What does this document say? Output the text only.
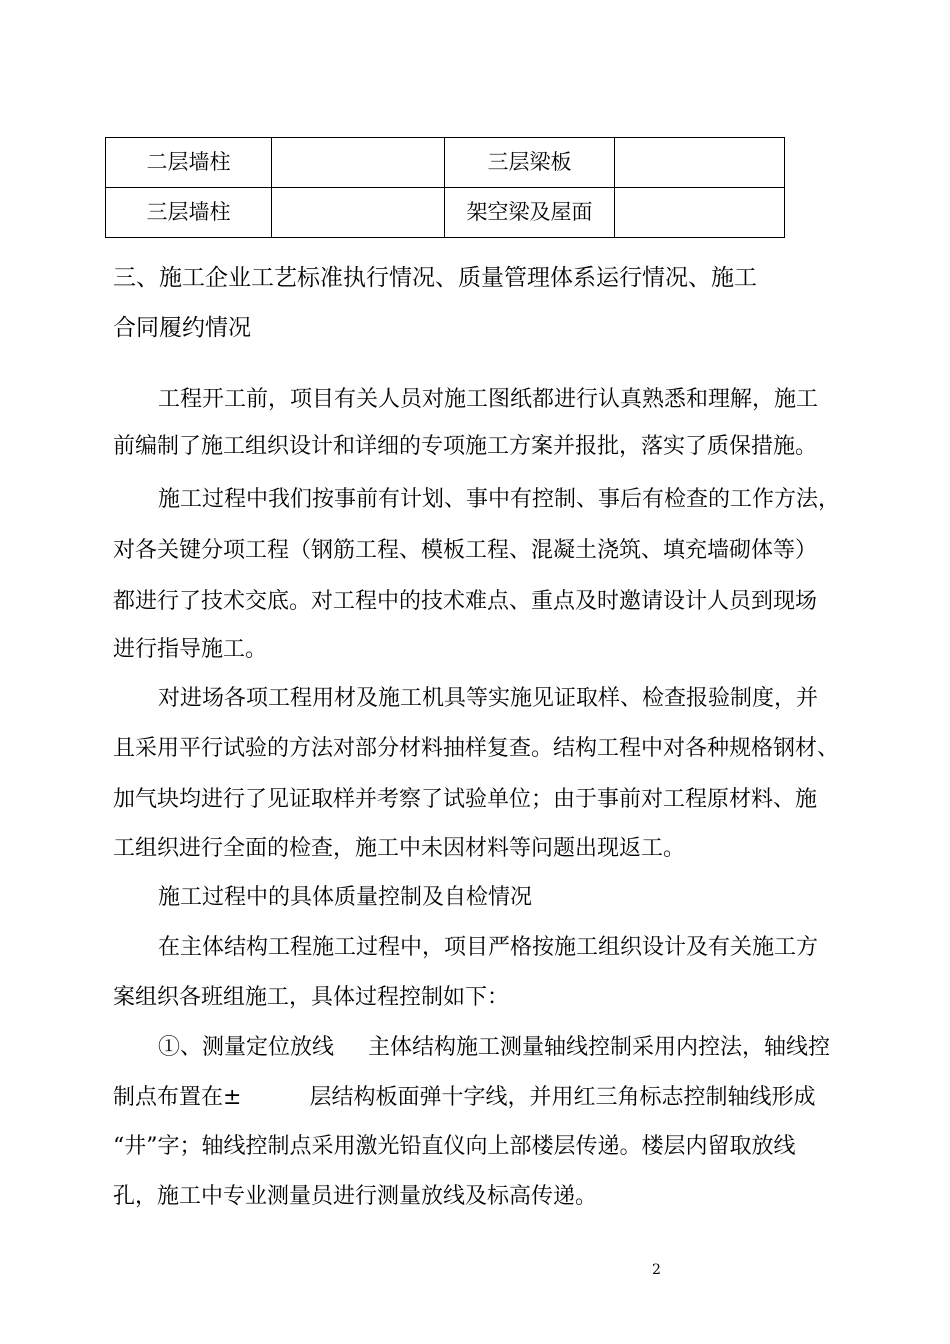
二层墙柱		三层梁板	
三层墙柱		架空梁及屋面	
三、施工企业工艺标准执行情况、质量管理体系运行情况、施工
合同履约情况
工程开工前，项目有关人员对施工图纸都进行认真熟悉和理解，施工
前编制了施工组织设计和详细的专项施工方案并报批，落实了质保措施。
施工过程中我们按事前有计划、事中有控制、事后有检查的工作方法，
对各关键分项工程（钢筋工程、模板工程、混凝土浇筑、填充墙砌体等）
都进行了技术交底。对工程中的技术难点、重点及时邀请设计人员到现场
进行指导施工。
对进场各项工程用材及施工机具等实施见证取样、检查报验制度，并
且采用平行试验的方法对部分材料抽样复查。结构工程中对各种规格钢材、
加气块均进行了见证取样并考察了试验单位；由于事前对工程原材料、施
工组织进行全面的检查，施工中未因材料等问题出现返工。
施工过程中的具体质量控制及自检情况
在主体结构工程施工过程中，项目严格按施工组织设计及有关施工方
案组织各班组施工，具体过程控制如下：
①、测量定位放线 主体结构施工测量轴线控制采用内控法，轴线控
制点布置在±	层结构板面弹十字线，并用红三角标志控制轴线形成
“井”字；轴线控制点采用激光铅直仪向上部楼层传递。楼层内留取放线
孔，施工中专业测量员进行测量放线及标高传递。
2
